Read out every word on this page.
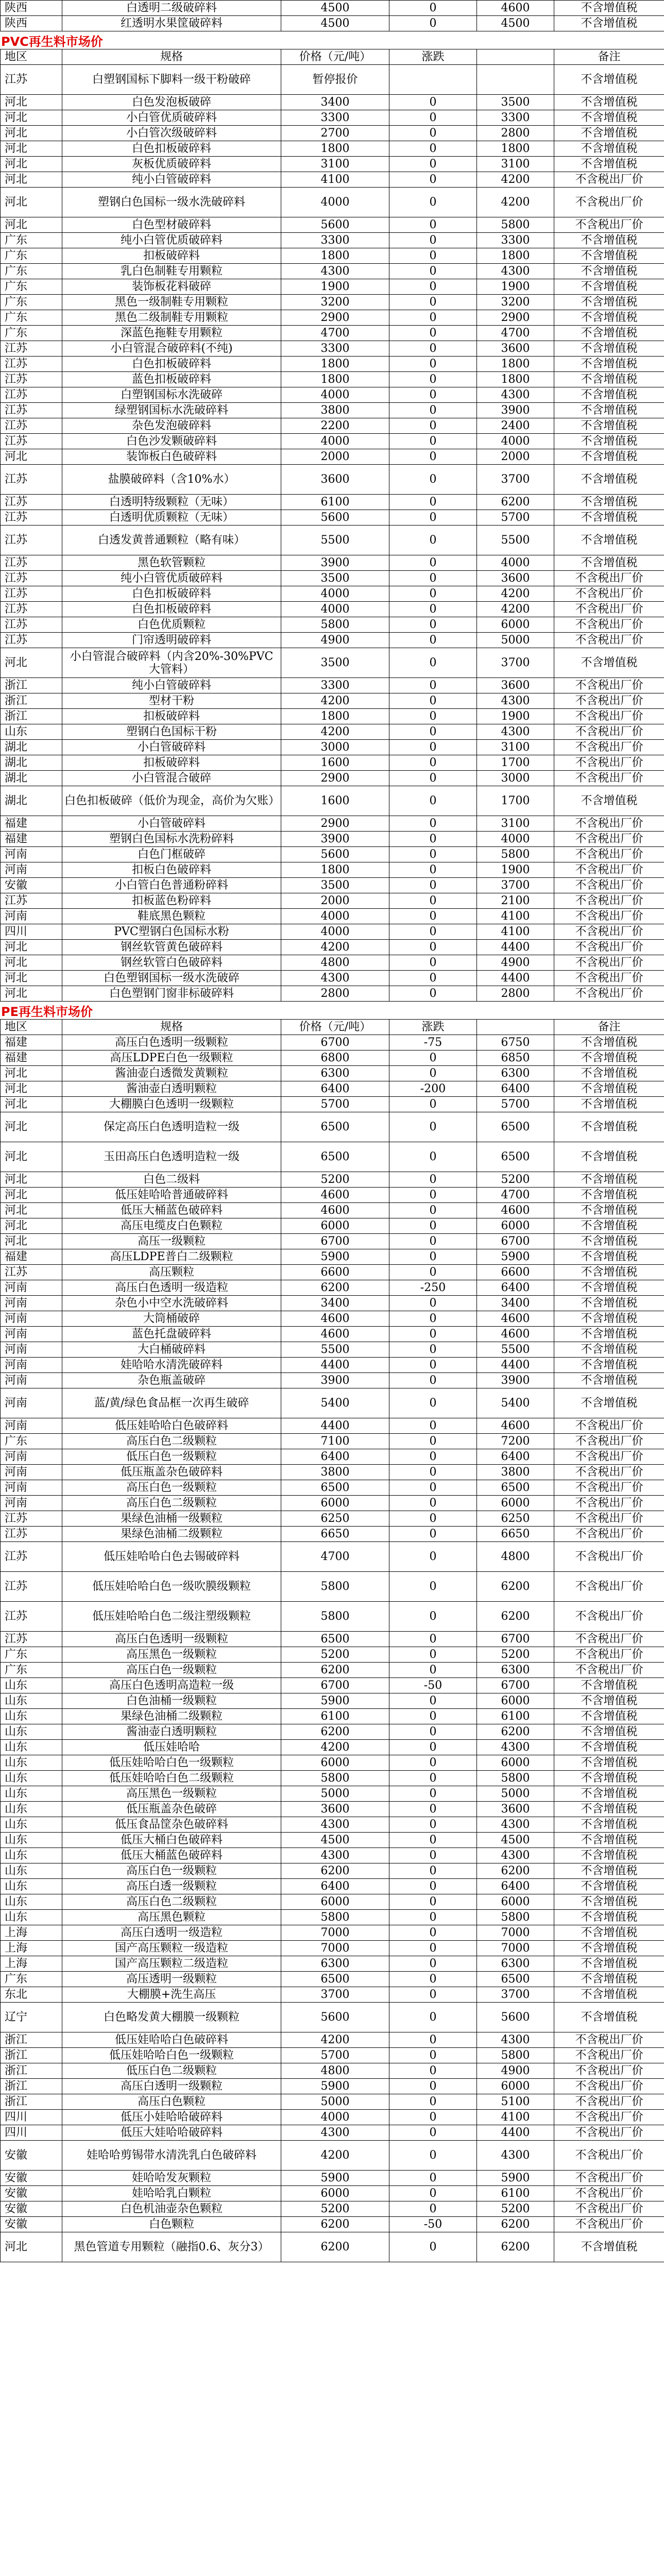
陕西	白透明二级破碎料	4500	0	4600	不含增值税
陕西	红透明水果筐破碎料	4500	0	4500	不含增值税
PVC再生料市场价
地区	规格	价格（元/吨）	涨跌		备注
江苏	白塑钢国标下脚料一级干粉破碎	暂停报价			不含增值税
河北	白色发泡板破碎	3400	0	3500	不含增值税
河北	小白管优质破碎料	3300	0	3300	不含增值税
河北	小白管次级破碎料	2700	0	2800	不含增值税
河北	白色扣板破碎料	1800	0	1800	不含增值税
河北	灰板优质破碎料	3100	0	3100	不含增值税
河北	纯小白管破碎料	4100	0	4200	不含税出厂价
河北	塑钢白色国标一级水洗破碎料	4000	0	4200	不含税出厂价
河北	白色型材破碎料	5600	0	5800	不含税出厂价
广东	纯小白管优质破碎料	3300	0	3300	不含增值税
广东	扣板破碎料	1800	0	1800	不含增值税
广东	乳白色制鞋专用颗粒	4300	0	4300	不含增值税
广东	装饰板花料破碎	1900	0	1900	不含增值税
广东	黑色一级制鞋专用颗粒	3200	0	3200	不含增值税
广东	黑色二级制鞋专用颗粒	2900	0	2900	不含增值税
广东	深蓝色拖鞋专用颗粒	4700	0	4700	不含增值税
江苏	小白管混合破碎料(不纯)	3300	0	3600	不含增值税
江苏	白色扣板破碎料	1800	0	1800	不含增值税
江苏	蓝色扣板破碎料	1800	0	1800	不含增值税
江苏	白塑钢国标水洗破碎	4000	0	4300	不含增值税
江苏	绿塑钢国标水洗破碎料	3800	0	3900	不含增值税
江苏	杂色发泡破碎料	2200	0	2400	不含增值税
江苏	白色沙发颗破碎料	4000	0	4000	不含增值税
河北	装饰板白色破碎料	2000	0	2000	不含增值税
江苏	盐膜破碎料（含10%水）	3600	0	3700	不含增值税
江苏	白透明特级颗粒（无味）	6100	0	6200	不含增值税
江苏	白透明优质颗粒（无味）	5600	0	5700	不含增值税
江苏	白透发黄普通颗粒（略有味）	5500	0	5500	不含增值税
江苏	黑色软管颗粒	3900	0	4000	不含增值税
江苏	纯小白管优质破碎料	3500	0	3600	不含税出厂价
江苏	白色扣板破碎料	4000	0	4200	不含税出厂价
江苏	白色扣板破碎料	4000	0	4200	不含税出厂价
江苏	白色优质颗粒	5800	0	6000	不含税出厂价
江苏	门帘透明破碎料	4900	0	5000	不含税出厂价
河北	小白管混合破碎料（内含20%-30%PVC大管料）	3500	0	3700	不含增值税
浙江	纯小白管破碎料	3300	0	3600	不含税出厂价
浙江	型材干粉	4200	0	4300	不含税出厂价
浙江	扣板破碎料	1800	0	1900	不含税出厂价
山东	塑钢白色国标干粉	4200	0	4300	不含税出厂价
湖北	小白管破碎料	3000	0	3100	不含税出厂价
湖北	扣板破碎料	1600	0	1700	不含税出厂价
湖北	小白管混合破碎	2900	0	3000	不含税出厂价
湖北	白色扣板破碎（低价为现金，高价为欠账）	1600	0	1700	不含增值税
福建	小白管破碎料	2900	0	3100	不含税出厂价
福建	塑钢白色国标水洗粉碎料	3900	0	4000	不含税出厂价
河南	白色门框破碎	5600	0	5800	不含税出厂价
河南	扣板白色破碎料	1800	0	1900	不含税出厂价
安徽	小白管白色普通粉碎料	3500	0	3700	不含税出厂价
江苏	扣板蓝色粉碎料	2000	0	2100	不含税出厂价
河南	鞋底黑色颗粒	4000	0	4100	不含税出厂价
四川	PVC塑钢白色国标水粉	4000	0	4100	不含税出厂价
河北	钢丝软管黄色破碎料	4200	0	4400	不含税出厂价
河北	钢丝软管白色破碎料	4800	0	4900	不含税出厂价
河北	白色塑钢国标一级水洗破碎	4300	0	4400	不含税出厂价
河北	白色塑钢门窗非标破碎料	2800	0	2800	不含税出厂价
PE再生料市场价
地区	规格	价格（元/吨）	涨跌		备注
福建	高压白色透明一级颗粒	6700	-75	6750	不含增值税
福建	高压LDPE白色一级颗粒	6800	0	6850	不含增值税
河北	酱油壶白透微发黄颗粒	6300	0	6300	不含增值税
河北	酱油壶白透明颗粒	6400	-200	6400	不含增值税
河北	大棚膜白色透明一级颗粒	5700	0	5700	不含增值税
河北	保定高压白色透明造粒一级	6500	0	6500	不含增值税
河北	玉田高压白色透明造粒一级	6500	0	6500	不含增值税
河北	白色二级料	5200	0	5200	不含增值税
河北	低压娃哈哈普通破碎料	4600	0	4700	不含增值税
河北	低压大桶蓝色破碎料	4600	0	4600	不含增值税
河北	高压电缆皮白色颗粒	6000	0	6000	不含增值税
河北	高压一级颗粒	6700	0	6700	不含增值税
福建	高压LDPE普白二级颗粒	5900	0	5900	不含增值税
江苏	高压颗粒	6600	0	6600	不含增值税
河南	高压白色透明一级造粒	6200	-250	6400	不含增值税
河南	杂色小中空水洗破碎料	3400	0	3400	不含增值税
河南	大筒桶破碎	4600	0	4600	不含增值税
河南	蓝色托盘破碎料	4600	0	4600	不含增值税
河南	大白桶破碎料	5500	0	5500	不含增值税
河南	娃哈哈水清洗破碎料	4400	0	4400	不含增值税
河南	杂色瓶盖破碎	3900	0	3900	不含增值税
河南	蓝/黄/绿色食品框一次再生破碎	5400	0	5400	不含增值税
河南	低压娃哈哈白色破碎料	4400	0	4600	不含税出厂价
广东	高压白色二级颗粒	7100	0	7200	不含税出厂价
河南	低压白色一级颗粒	6400	0	6400	不含税出厂价
河南	低压瓶盖杂色破碎料	3800	0	3800	不含税出厂价
河南	高压白色一级颗粒	6500	0	6500	不含税出厂价
河南	高压白色二级颗粒	6000	0	6000	不含税出厂价
江苏	果绿色油桶一级颗粒	6250	0	6250	不含税出厂价
江苏	果绿色油桶二级颗粒	6650	0	6650	不含税出厂价
江苏	低压娃哈哈白色去锡破碎料	4700	0	4800	不含税出厂价
江苏	低压娃哈哈白色一级吹膜级颗粒	5800	0	6200	不含税出厂价
江苏	低压娃哈哈白色二级注塑级颗粒	5800	0	6200	不含税出厂价
江苏	高压白色透明一级颗粒	6500	0	6700	不含税出厂价
广东	高压黑色一级颗粒	5200	0	5200	不含税出厂价
广东	高压白色一级颗粒	6200	0	6300	不含税出厂价
山东	高压白色透明高造粒一级	6700	-50	6700	不含增值税
山东	白色油桶一级颗粒	5900	0	6000	不含增值税
山东	果绿色油桶二级颗粒	6100	0	6100	不含增值税
山东	酱油壶白透明颗粒	6200	0	6200	不含增值税
山东	低压娃哈哈	4200	0	4300	不含增值税
山东	低压娃哈哈白色一级颗粒	6000	0	6000	不含增值税
山东	低压娃哈哈白色二级颗粒	5800	0	5800	不含增值税
山东	高压黑色一级颗粒	5000	0	5000	不含增值税
山东	低压瓶盖杂色破碎	3600	0	3600	不含增值税
山东	低压食品筐杂色破碎料	4300	0	4300	不含增值税
山东	低压大桶白色破碎料	4500	0	4500	不含增值税
山东	低压大桶蓝色破碎料	4300	0	4300	不含增值税
山东	高压白色一级颗粒	6200	0	6200	不含增值税
山东	高压白透一级颗粒	6400	0	6400	不含增值税
山东	高压白色二级颗粒	6000	0	6000	不含增值税
山东	高压黑色颗粒	5800	0	5800	不含增值税
上海	高压白透明一级造粒	7000	0	7000	不含增值税
上海	国产高压颗粒一级造粒	7000	0	7000	不含增值税
上海	国产高压颗粒二级造粒	6300	0	6300	不含增值税
广东	高压透明一级颗粒	6500	0	6500	不含增值税
东北	大棚膜+洗生高压	3700	0	3700	不含增值税
辽宁	白色略发黄大棚膜一级颗粒	5600	0	5600	不含增值税
浙江	低压娃哈哈白色破碎料	4200	0	4300	不含税出厂价
浙江	低压娃哈哈白色一级颗粒	5700	0	5800	不含税出厂价
浙江	低压白色二级颗粒	4800	0	4900	不含税出厂价
浙江	高压白透明一级颗粒	5900	0	6000	不含税出厂价
浙江	高压白色颗粒	5000	0	5100	不含税出厂价
四川	低压小娃哈哈破碎料	4000	0	4100	不含税出厂价
四川	低压大娃哈哈破碎料	4300	0	4400	不含税出厂价
安徽	娃哈哈剪锡带水清洗乳白色破碎料	4200	0	4300	不含税出厂价
安徽	娃哈哈发灰颗粒	5900	0	5900	不含税出厂价
安徽	娃哈哈乳白颗粒	6000	0	6100	不含税出厂价
安徽	白色机油壶杂色颗粒	5200	0	5200	不含税出厂价
安徽	白色颗粒	6200	-50	6200	不含税出厂价
河北	黑色管道专用颗粒（融指0.6、灰分3）	6200	0	6200	不含增值税
